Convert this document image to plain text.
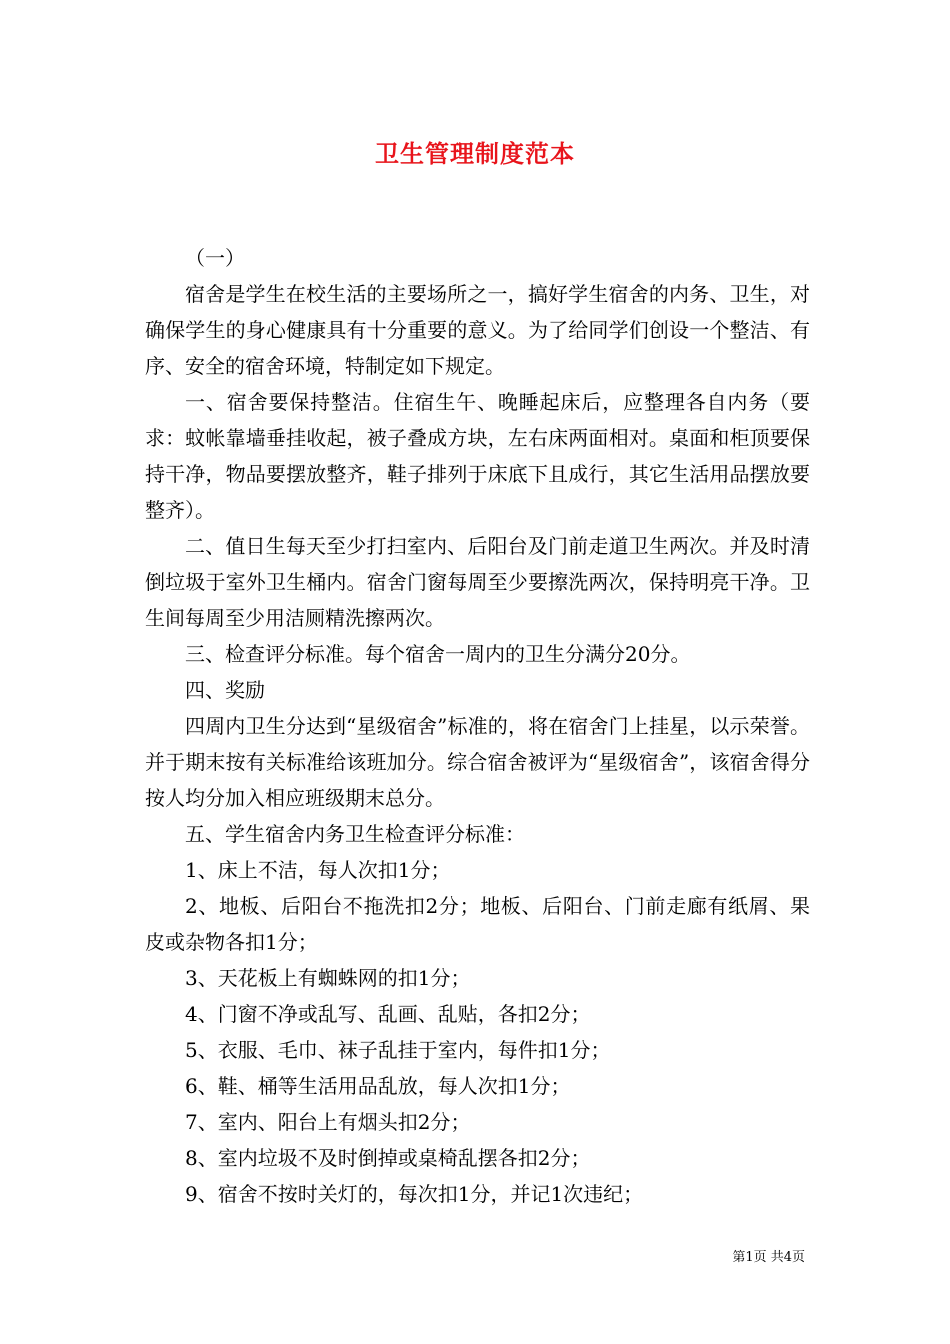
卫生管理制度范本

（一）

宿舍是学生在校生活的主要场所之一，搞好学生宿舍的内务、卫生，对确保学生的身心健康具有十分重要的意义。为了给同学们创设一个整洁、有序、安全的宿舍环境，特制定如下规定。

一、宿舍要保持整洁。住宿生午、晚睡起床后，应整理各自内务（要求：蚊帐靠墙垂挂收起，被子叠成方块，左右床两面相对。桌面和柜顶要保持干净，物品要摆放整齐，鞋子排列于床底下且成行，其它生活用品摆放要整齐）。

二、值日生每天至少打扫室内、后阳台及门前走道卫生两次。并及时清倒垃圾于室外卫生桶内。宿舍门窗每周至少要擦洗两次，保持明亮干净。卫生间每周至少用洁厕精洗擦两次。

三、检查评分标准。每个宿舍一周内的卫生分满分20分。

四、奖励

四周内卫生分达到“星级宿舍”标准的，将在宿舍门上挂星，以示荣誉。并于期末按有关标准给该班加分。综合宿舍被评为“星级宿舍”，该宿舍得分按人均分加入相应班级期末总分。

五、学生宿舍内务卫生检查评分标准：

1、床上不洁，每人次扣1分；

2、地板、后阳台不拖洗扣2分；地板、后阳台、门前走廊有纸屑、果皮或杂物各扣1分；

3、天花板上有蜘蛛网的扣1分；

4、门窗不净或乱写、乱画、乱贴，各扣2分；

5、衣服、毛巾、袜子乱挂于室内，每件扣1分；

6、鞋、桶等生活用品乱放，每人次扣1分；

7、室内、阳台上有烟头扣2分；

8、室内垃圾不及时倒掉或桌椅乱摆各扣2分；

9、宿舍不按时关灯的，每次扣1分，并记1次违纪；

第1页 共4页
